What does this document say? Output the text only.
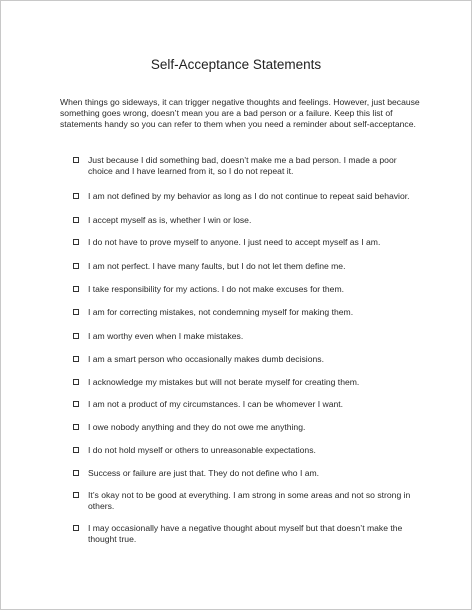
Self-Acceptance Statements
When things go sideways, it can trigger negative thoughts and feelings. However, just because something goes wrong, doesn’t mean you are a bad person or a failure. Keep this list of statements handy so you can refer to them when you need a reminder about self-acceptance.
Just because I did something bad, doesn’t make me a bad person. I made a poor choice and I have learned from it, so I do not repeat it.
I am not defined by my behavior as long as I do not continue to repeat said behavior.
I accept myself as is, whether I win or lose.
I do not have to prove myself to anyone. I just need to accept myself as I am.
I am not perfect. I have many faults, but I do not let them define me.
I take responsibility for my actions. I do not make excuses for them.
I am for correcting mistakes, not condemning myself for making them.
I am worthy even when I make mistakes.
I am a smart person who occasionally makes dumb decisions.
I acknowledge my mistakes but will not berate myself for creating them.
I am not a product of my circumstances. I can be whomever I want.
I owe nobody anything and they do not owe me anything.
I do not hold myself or others to unreasonable expectations.
Success or failure are just that. They do not define who I am.
It’s okay not to be good at everything. I am strong in some areas and not so strong in others.
I may occasionally have a negative thought about myself but that doesn’t make the thought true.
